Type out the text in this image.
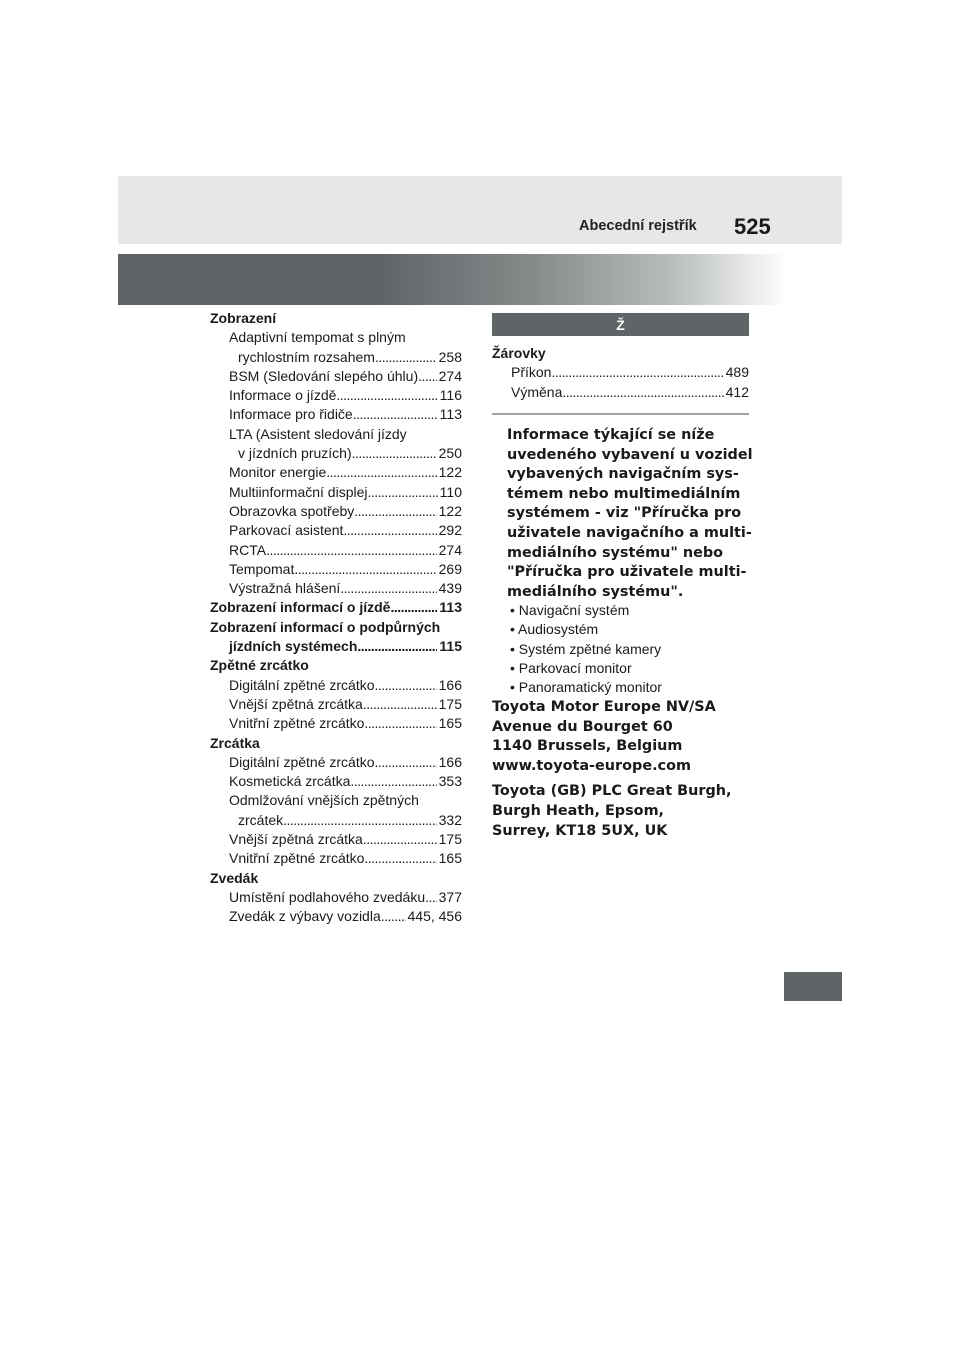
Abecední rejstřík 525
Zobrazení
Adaptivní tempomat s plným
rychlostním rozsahem . . .	258
BSM (Sledování slepého úhlu) . . . 274
Informace o jízdě . . .	116
Informace pro řidiče . . .	113
LTA (Asistent sledování jízdy
v jízdních pruzích) . . .	250
Monitor energie . . .	122
Multiinformační displej . . .	110
Obrazovka spotřeby . . .	122
Parkovací asistent . . .	292
RCTA . . .	274
Tempomat . . .	269
Výstražná hlášení . . .	439
Zobrazení informací o jízdě . . .	113
Zobrazení informací o podpůrných
jízdních systémech . . .	115
Zpětné zrcátko
Digitální zpětné zrcátko . . .	166
Vnější zpětná zrcátka . . .	175
Vnitřní zpětné zrcátko . . .	165
Zrcátka
Digitální zpětné zrcátko . . .	166
Kosmetická zrcátka . . .	353
Odmlžování vnějších zpětných
zrcátek . . .	332
Vnější zpětná zrcátka . . .	175
Vnitřní zpětné zrcátko . . .	165
Zvedák
Umístění podlahového zvedáku . . . 377
Zvedák z výbavy vozidla . . . 445, 456
Ž
Žárovky
Příkon . . .	489
Výměna . . .	412

Informace týkající se níže

uvedeného vybavení u vozidel

vybavených navigačním sys-

témem nebo multimediálním

systémem - viz "Příručka pro

uživatele navigačního a multi-

mediálního systému" nebo

"Příručka pro uživatele multi-

mediálního systému".

• Navigační systém
• Audiosystém
• Systém zpětné kamery
• Parkovací monitor
• Panoramatický monitor
Toyota Motor Europe NV/SA
Avenue du Bourget 60
1140 Brussels, Belgium
www.toyota-europe.com
Toyota (GB) PLC Great Burgh,
Burgh Heath, Epsom,
Surrey, KT18 5UX, UK
